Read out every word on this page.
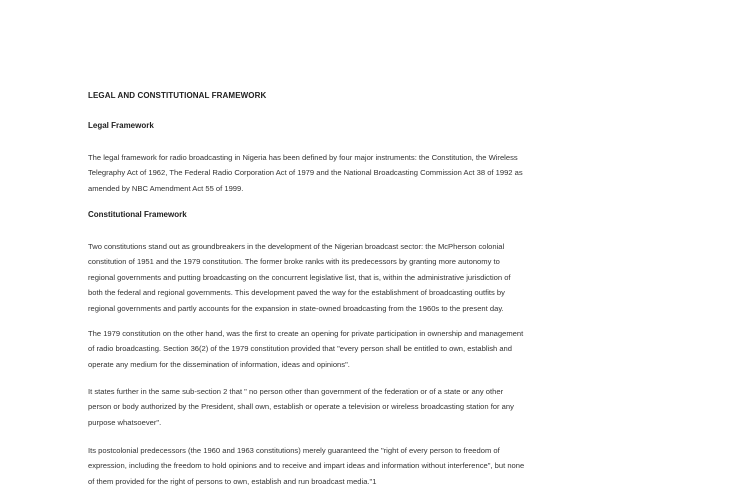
LEGAL AND CONSTITUTIONAL FRAMEWORK
Legal Framework
The legal framework for radio broadcasting in Nigeria has been defined by four major instruments: the Constitution, the Wireless
Telegraphy Act of 1962, The Federal Radio Corporation Act of 1979 and the National Broadcasting Commission Act 38 of 1992 as
amended by NBC Amendment Act 55 of 1999.
Constitutional Framework
Two constitutions stand out as groundbreakers in the development of the Nigerian broadcast sector: the McPherson colonial
constitution of 1951 and the 1979 constitution. The former broke ranks with its predecessors by granting more autonomy to
regional governments and putting broadcasting on the concurrent legislative list, that is, within the administrative jurisdiction of
both the federal and regional governments. This development paved the way for the establishment of broadcasting outfits by
regional governments and partly accounts for the expansion in state-owned broadcasting from the 1960s to the present day.
The 1979 constitution on the other hand, was the first to create an opening for private participation in ownership and management
of radio broadcasting. Section 36(2) of the 1979 constitution provided that "every person shall be entitled to own, establish and
operate any medium for the dissemination of information, ideas and opinions".
It states further in the same sub-section 2 that " no person other than government of the federation or of a state or any other
person or body authorized by the President, shall own, establish or operate a television or wireless broadcasting station for any
purpose whatsoever".
Its postcolonial predecessors (the 1960 and 1963 constitutions) merely guaranteed the "right of every person to freedom of
expression, including the freedom to hold opinions and to receive and impart ideas and information without interference", but none
of them provided for the right of persons to own, establish and run broadcast media."1
